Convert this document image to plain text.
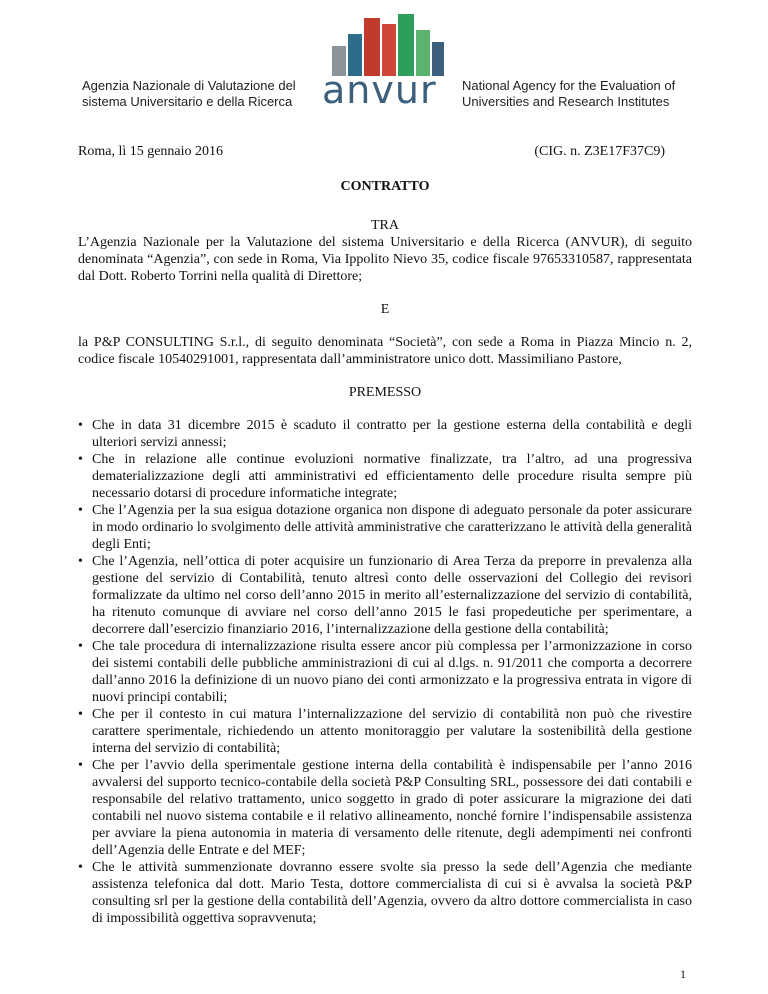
Agenzia Nazionale di Valutazione del
sistema Universitario e della Ricerca anvur National Agency for the Evaluation of
Universities and Research Institutes
Roma, lì 15 gennaio 2016	(CIG. n. Z3E17F37C9)
CONTRATTO
TRA
L’Agenzia Nazionale per la Valutazione del sistema Universitario e della Ricerca (ANVUR), di seguito denominata “Agenzia”, con sede in Roma, Via Ippolito Nievo 35, codice fiscale 97653310587, rappresentata dal Dott. Roberto Torrini nella qualità di Direttore;
E
la P&P CONSULTING S.r.l., di seguito denominata “Società”, con sede a Roma in Piazza Mincio n. 2, codice fiscale 10540291001, rappresentata dall’amministratore unico dott. Massimiliano Pastore,
PREMESSO
• Che in data 31 dicembre 2015 è scaduto il contratto per la gestione esterna della contabilità e degli ulteriori servizi annessi;
• Che in relazione alle continue evoluzioni normative finalizzate, tra l’altro, ad una progressiva dematerializzazione degli atti amministrativi ed efficientamento delle procedure risulta sempre più necessario dotarsi di procedure informatiche integrate;
• Che l’Agenzia per la sua esigua dotazione organica non dispone di adeguato personale da poter assicurare in modo ordinario lo svolgimento delle attività amministrative che caratterizzano le attività della generalità degli Enti;
• Che l’Agenzia, nell’ottica di poter acquisire un funzionario di Area Terza da preporre in prevalenza alla gestione del servizio di Contabilità, tenuto altresì conto delle osservazioni del Collegio dei revisori formalizzate da ultimo nel corso dell’anno 2015 in merito all’esternalizzazione del servizio di contabilità, ha ritenuto comunque di avviare nel corso dell’anno 2015 le fasi propedeutiche per sperimentare, a decorrere dall’esercizio finanziario 2016, l’internalizzazione della gestione della contabilità;
• Che tale procedura di internalizzazione risulta essere ancor più complessa per l’armonizzazione in corso dei sistemi contabili delle pubbliche amministrazioni di cui al d.lgs. n. 91/2011 che comporta a decorrere dall’anno 2016 la definizione di un nuovo piano dei conti armonizzato e la progressiva entrata in vigore di nuovi principi contabili;
• Che per il contesto in cui matura l’internalizzazione del servizio di contabilità non può che rivestire carattere sperimentale, richiedendo un attento monitoraggio per valutare la sostenibilità della gestione interna del servizio di contabilità;
• Che per l’avvio della sperimentale gestione interna della contabilità è indispensabile per l’anno 2016 avvalersi del supporto tecnico-contabile della società P&P Consulting SRL, possessore dei dati contabili e responsabile del relativo trattamento, unico soggetto in grado di poter assicurare la migrazione dei dati contabili nel nuovo sistema contabile e il relativo allineamento, nonché fornire l’indispensabile assistenza per avviare la piena autonomia in materia di versamento delle ritenute, degli adempimenti nei confronti dell’Agenzia delle Entrate e del MEF;
• Che le attività summenzionate dovranno essere svolte sia presso la sede dell’Agenzia che mediante assistenza telefonica dal dott. Mario Testa, dottore commercialista di cui si è avvalsa la società P&P consulting srl per la gestione della contabilità dell’Agenzia, ovvero da altro dottore commercialista in caso di impossibilità oggettiva sopravvenuta;
1
